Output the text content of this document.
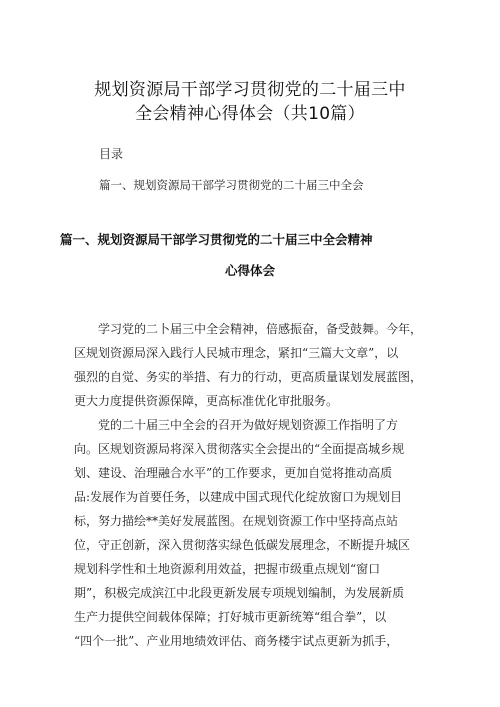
规划资源局干部学习贯彻党的二十届三中
全会精神心得体会（共10篇）
目录
篇一、规划资源局干部学习贯彻党的二十届三中全会
篇一、规划资源局干部学习贯彻党的二十届三中全会精神
心得体会
学习党的二卜届三中全会精神，倍感振奋，备受鼓舞。今年，
区规划资源局深入践行人民城市理念，紧扣“三篇大文章”，以
强烈的自觉、务实的举措、有力的行动，更高质量谋划发展蓝图，
更大力度提供资源保障，更高标准优化审批服务。
党的二十届三中全会的召开为做好规划资源工作指明了方
向。区规划资源局将深入贯彻落实全会提出的“全面提高城乡规
划、建设、治理融合水平”的工作要求，更加自觉将推动高质
品:发展作为首要任务，以建成中国式现代化绽放窗口为规划目
标，努力描绘**美好发展蓝图。在规划资源工作中坚持高点站
位，守正创新，深入贯彻落实绿色低碳发展理念，不断提升城区
规划科学性和土地资源利用效益，把握市级重点规划“窗口
期”，积极完成滨江中北段更新发展专项规划编制，为发展新质
生产力提供空间载体保障；打好城市更新统筹“组合拳”，以
“四个一批”、产业用地绩效评估、商务楼宇试点更新为抓手，
